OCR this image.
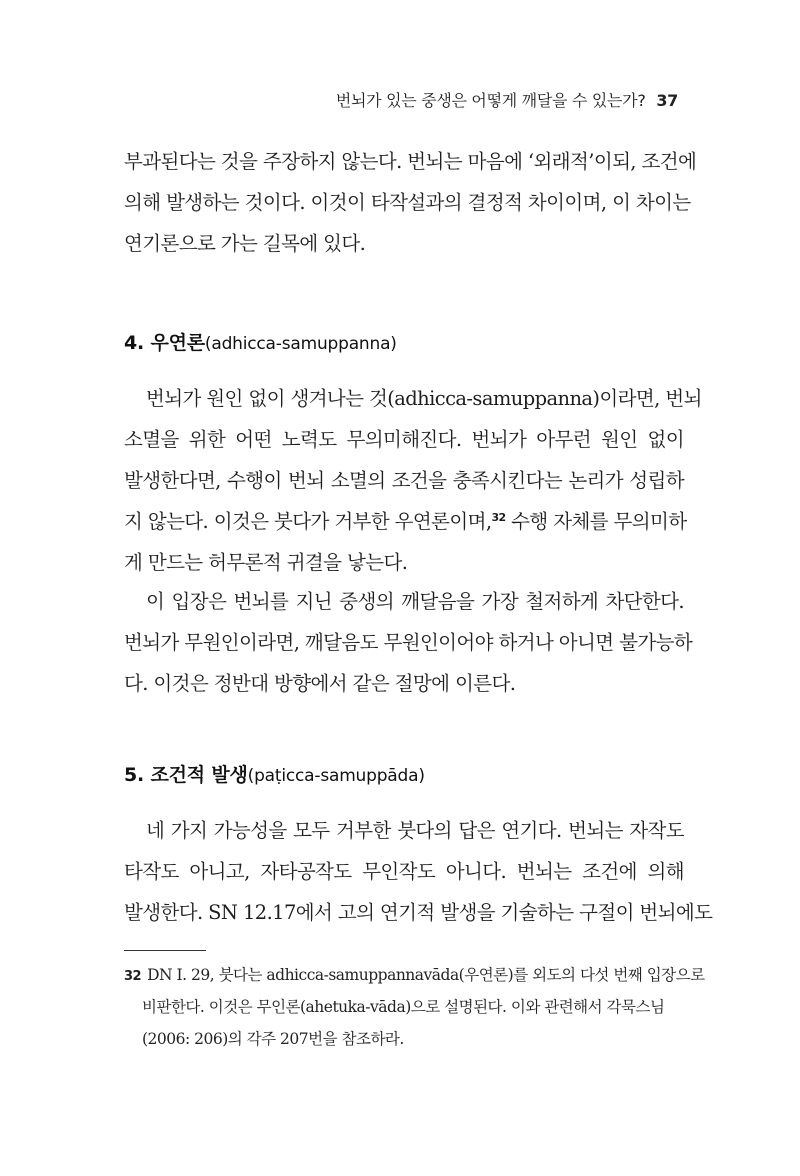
번뇌가 있는 중생은 어떻게 깨달을 수 있는가? 37
부과된다는 것을 주장하지 않는다. 번뇌는 마음에 ‘외래적’이되, 조건에
의해 발생하는 것이다. 이것이 타작설과의 결정적 차이이며, 이 차이는
연기론으로 가는 길목에 있다.
4. 우연론(adhicca-samuppanna)
번뇌가 원인 없이 생겨나는 것(adhicca-samuppanna)이라면, 번뇌
소멸을 위한 어떤 노력도 무의미해진다. 번뇌가 아무런 원인 없이
발생한다면, 수행이 번뇌 소멸의 조건을 충족시킨다는 논리가 성립하
지 않는다. 이것은 붓다가 거부한 우연론이며,$^{32}$ 수행 자체를 무의미하
게 만드는 허무론적 귀결을 낳는다.
이 입장은 번뇌를 지닌 중생의 깨달음을 가장 철저하게 차단한다.
번뇌가 무원인이라면, 깨달음도 무원인이어야 하거나 아니면 불가능하
다. 이것은 정반대 방향에서 같은 절망에 이른다.
5. 조건적 발생(paṭicca-samuppāda)
네 가지 가능성을 모두 거부한 붓다의 답은 연기다. 번뇌는 자작도
타작도 아니고, 자타공작도 무인작도 아니다. 번뇌는 조건에 의해
발생한다. SN 12.17에서 고의 연기적 발생을 기술하는 구절이 번뇌에도
32 DN I. 29, 붓다는 adhicca-samuppannavāda(우연론)를 외도의 다섯 번째 입장으로
비판한다. 이것은 무인론(ahetuka-vāda)으로 설명된다. 이와 관련해서 각묵스님
(2006: 206)의 각주 207번을 참조하라.
